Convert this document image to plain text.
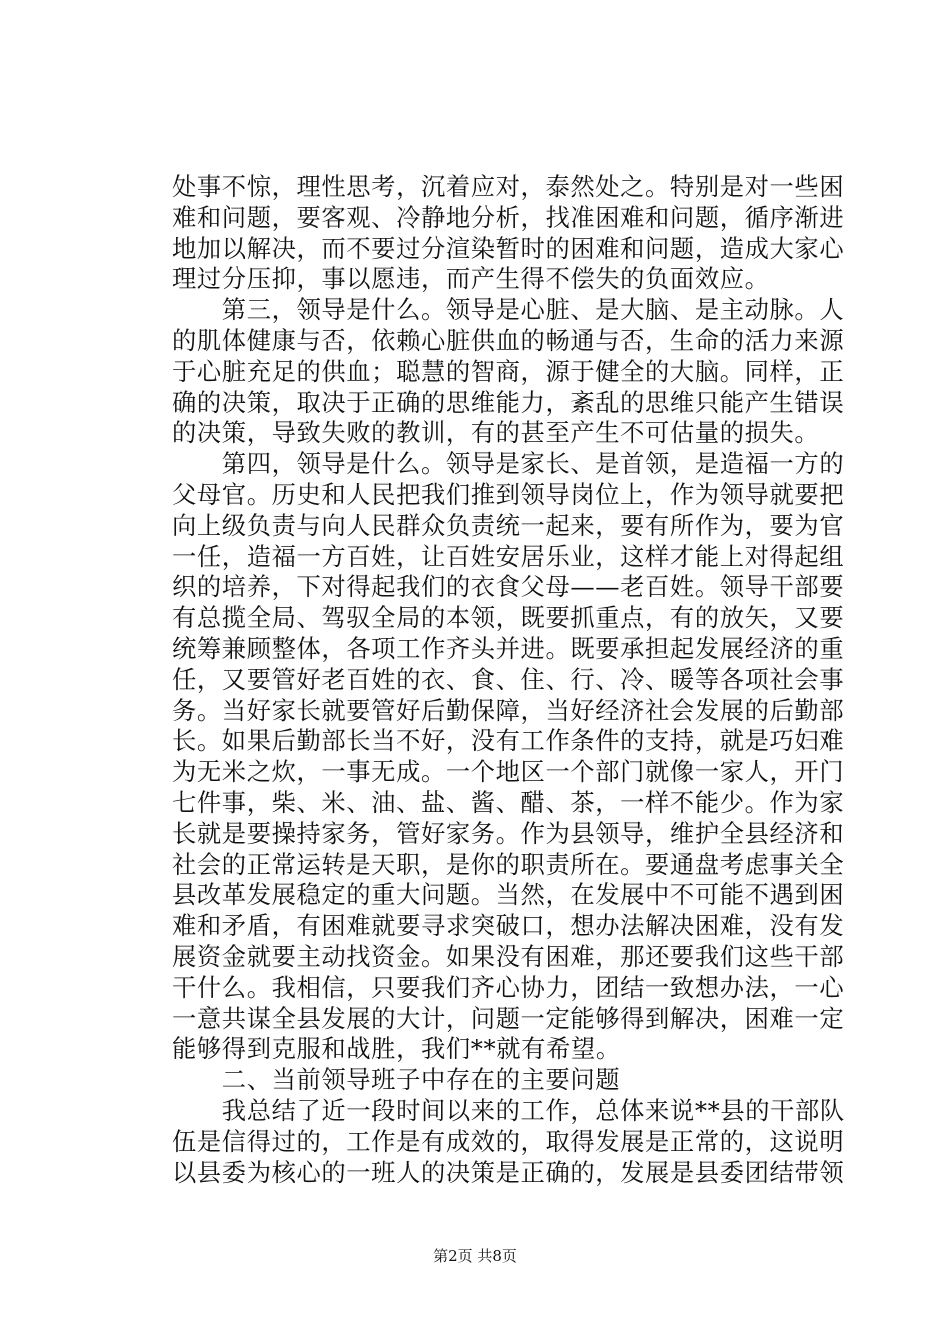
处事不惊，理性思考，沉着应对，泰然处之。特别是对一些困
难和问题，要客观、冷静地分析，找准困难和问题，循序渐进
地加以解决，而不要过分渲染暂时的困难和问题，造成大家心
理过分压抑，事以愿违，而产生得不偿失的负面效应。
　　第三，领导是什么。领导是心脏、是大脑、是主动脉。人
的肌体健康与否，依赖心脏供血的畅通与否，生命的活力来源
于心脏充足的供血；聪慧的智商，源于健全的大脑。同样，正
确的决策，取决于正确的思维能力，紊乱的思维只能产生错误
的决策，导致失败的教训，有的甚至产生不可估量的损失。
　　第四，领导是什么。领导是家长、是首领，是造福一方的
父母官。历史和人民把我们推到领导岗位上，作为领导就要把
向上级负责与向人民群众负责统一起来，要有所作为，要为官
一任，造福一方百姓，让百姓安居乐业，这样才能上对得起组
织的培养，下对得起我们的衣食父母——老百姓。领导干部要
有总揽全局、驾驭全局的本领，既要抓重点，有的放矢，又要
统筹兼顾整体，各项工作齐头并进。既要承担起发展经济的重
任，又要管好老百姓的衣、食、住、行、冷、暖等各项社会事
务。当好家长就要管好后勤保障，当好经济社会发展的后勤部
长。如果后勤部长当不好，没有工作条件的支持，就是巧妇难
为无米之炊，一事无成。一个地区一个部门就像一家人，开门
七件事，柴、米、油、盐、酱、醋、茶，一样不能少。作为家
长就是要操持家务，管好家务。作为县领导，维护全县经济和
社会的正常运转是天职，是你的职责所在。要通盘考虑事关全
县改革发展稳定的重大问题。当然，在发展中不可能不遇到困
难和矛盾，有困难就要寻求突破口，想办法解决困难，没有发
展资金就要主动找资金。如果没有困难，那还要我们这些干部
干什么。我相信，只要我们齐心协力，团结一致想办法，一心
一意共谋全县发展的大计，问题一定能够得到解决，困难一定
能够得到克服和战胜，我们**就有希望。
　　二、当前领导班子中存在的主要问题
　　我总结了近一段时间以来的工作，总体来说**县的干部队
伍是信得过的，工作是有成效的，取得发展是正常的，这说明
以县委为核心的一班人的决策是正确的，发展是县委团结带领
第2页 共8页
